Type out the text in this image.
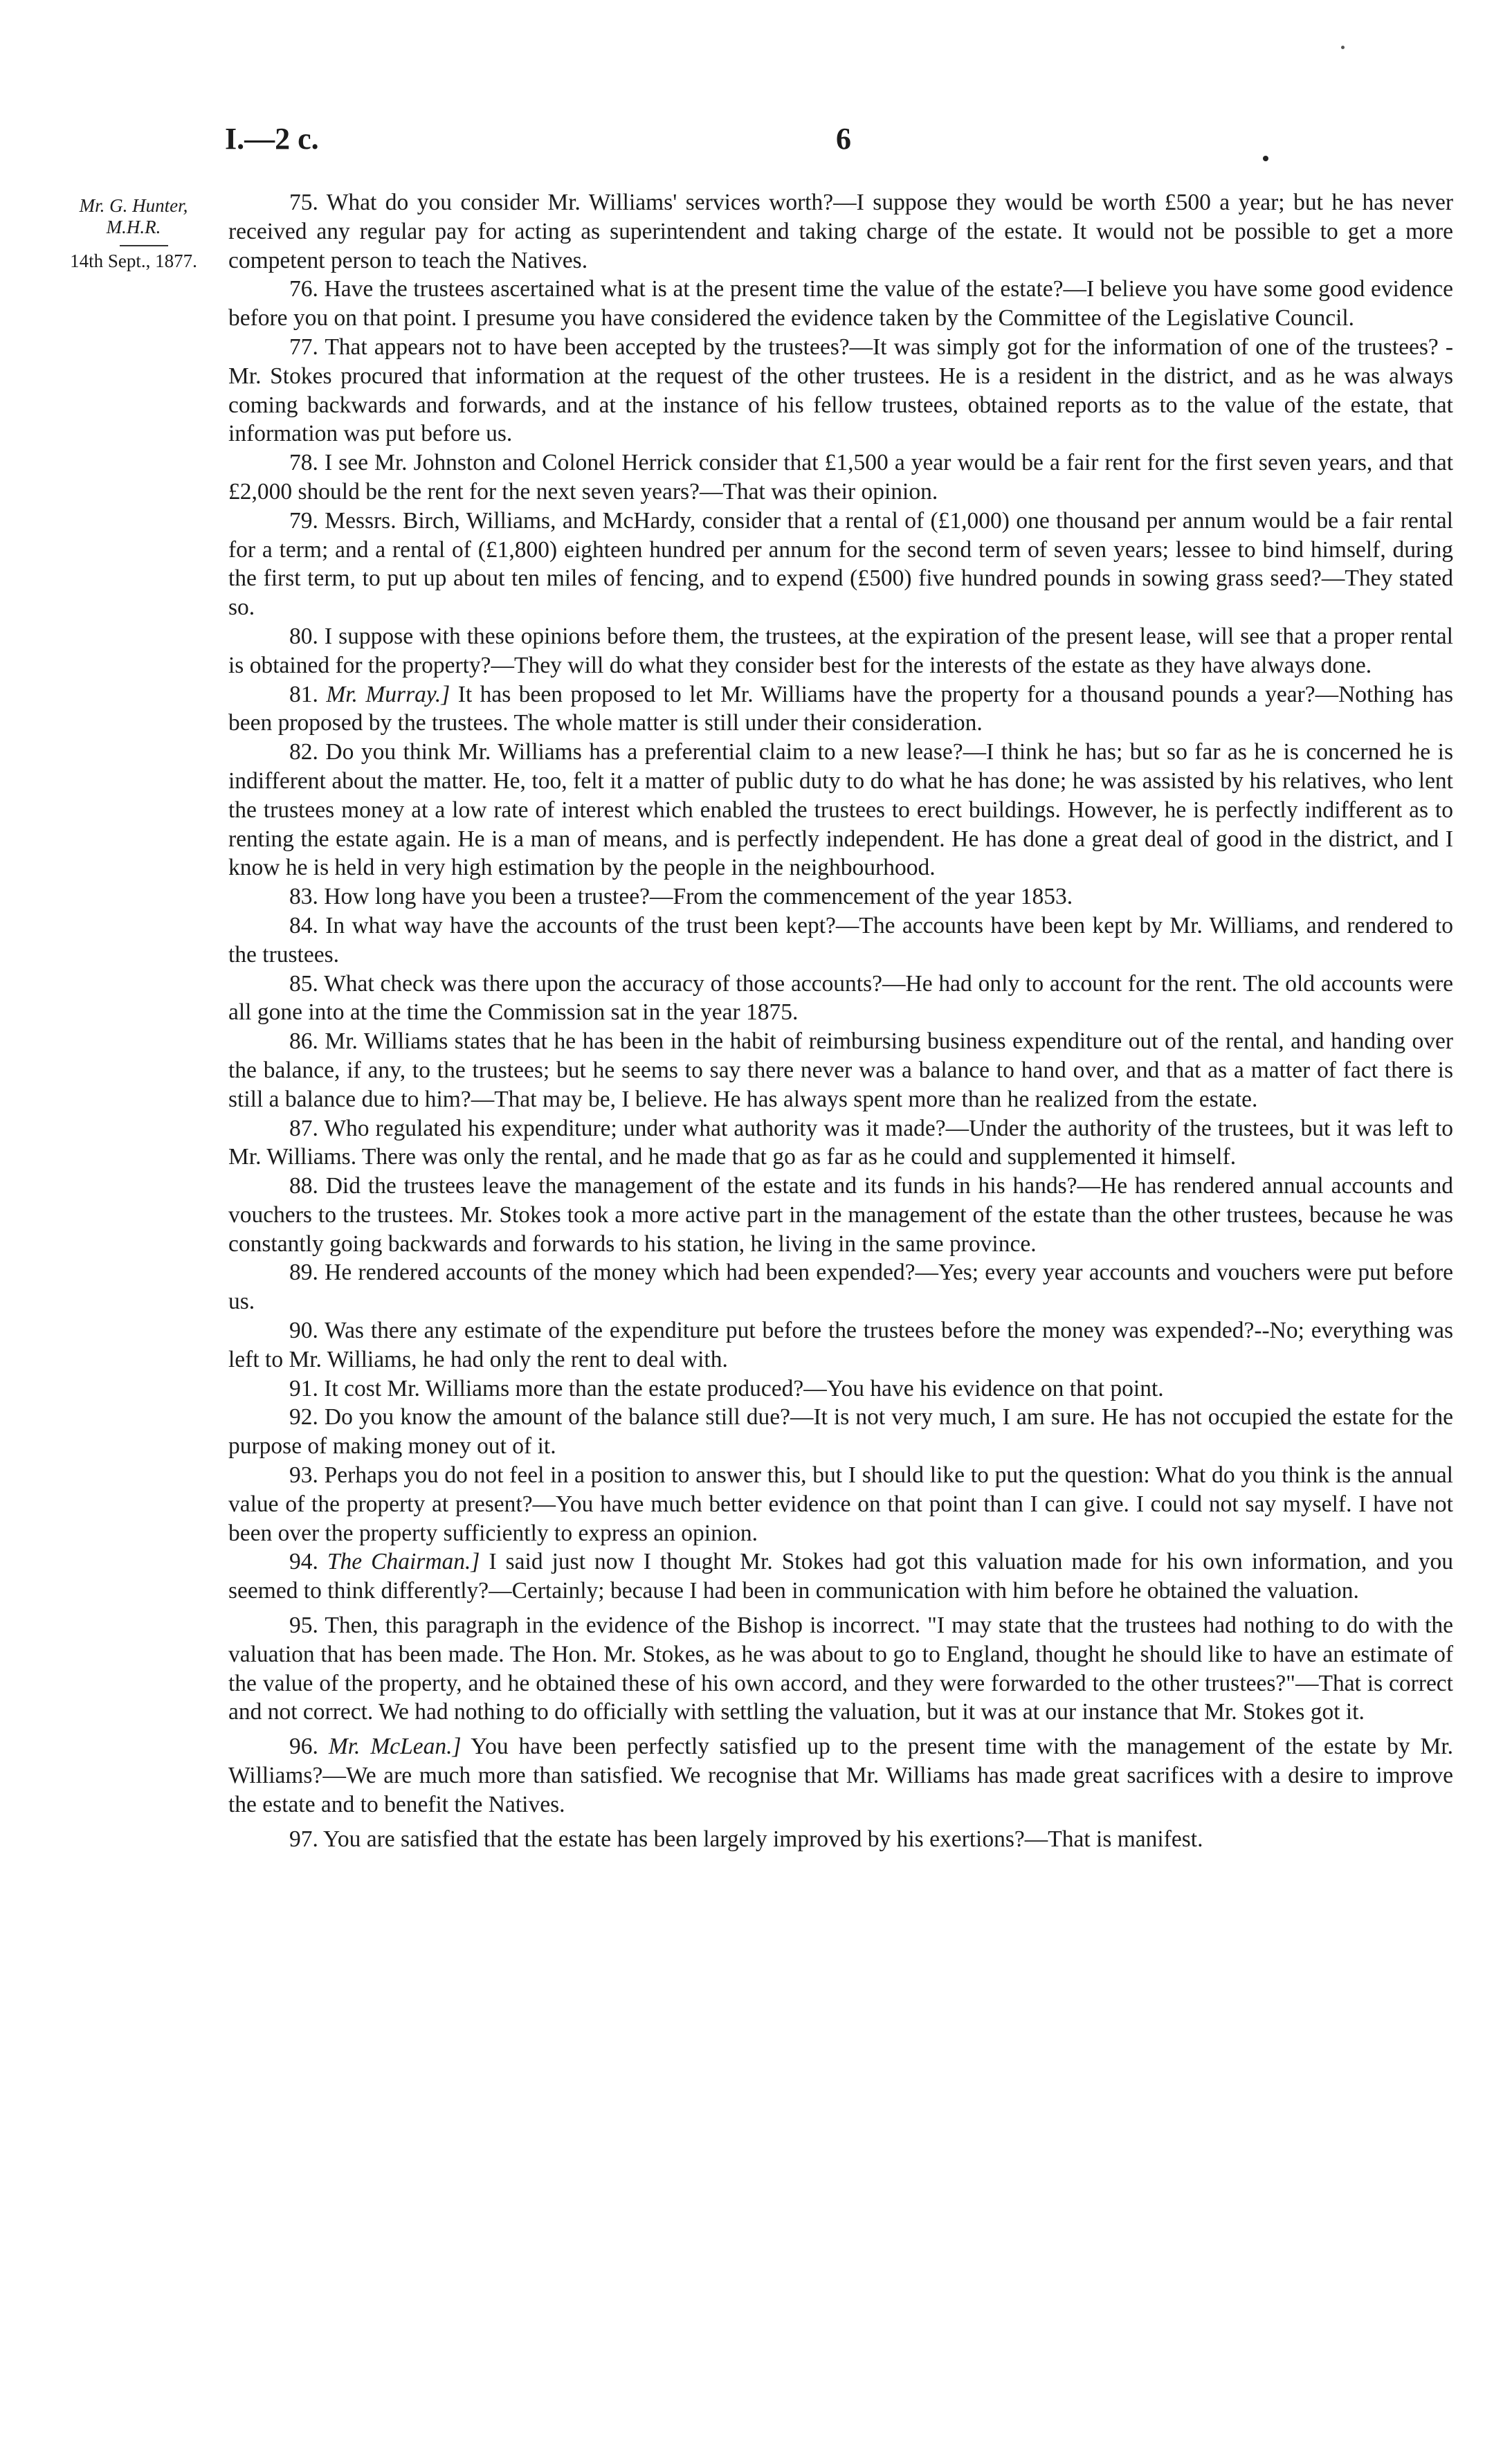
I.—2 c.	6
Mr. G. Hunter,
M.H.R.
14th Sept., 1877.

75. What do you consider Mr. Williams' services worth?—I suppose they would be worth £500 a year; but he has never received any regular pay for acting as superintendent and taking charge of the estate. It would not be possible to get a more competent person to teach the Natives.

76. Have the trustees ascertained what is at the present time the value of the estate?—I believe you have some good evidence before you on that point. I presume you have considered the evidence taken by the Committee of the Legislative Council.

77. That appears not to have been accepted by the trustees?—It was simply got for the information of one of the trustees? - Mr. Stokes procured that information at the request of the other trustees. He is a resident in the district, and as he was always coming backwards and forwards, and at the instance of his fellow trustees, obtained reports as to the value of the estate, that information was put before us.

78. I see Mr. Johnston and Colonel Herrick consider that £1,500 a year would be a fair rent for the first seven years, and that £2,000 should be the rent for the next seven years?—That was their opinion.

79. Messrs. Birch, Williams, and McHardy, consider that a rental of (£1,000) one thousand per annum would be a fair rental for a term; and a rental of (£1,800) eighteen hundred per annum for the second term of seven years; lessee to bind himself, during the first term, to put up about ten miles of fencing, and to expend (£500) five hundred pounds in sowing grass seed?—They stated so.

80. I suppose with these opinions before them, the trustees, at the expiration of the present lease, will see that a proper rental is obtained for the property?—They will do what they consider best for the interests of the estate as they have always done.

81. Mr. Murray.] It has been proposed to let Mr. Williams have the property for a thousand pounds a year?—Nothing has been proposed by the trustees. The whole matter is still under their consideration.

82. Do you think Mr. Williams has a preferential claim to a new lease?—I think he has; but so far as he is concerned he is indifferent about the matter. He, too, felt it a matter of public duty to do what he has done; he was assisted by his relatives, who lent the trustees money at a low rate of interest which enabled the trustees to erect buildings. However, he is perfectly indifferent as to renting the estate again. He is a man of means, and is perfectly independent. He has done a great deal of good in the district, and I know he is held in very high estimation by the people in the neighbourhood.

83. How long have you been a trustee?—From the commencement of the year 1853.

84. In what way have the accounts of the trust been kept?—The accounts have been kept by Mr. Williams, and rendered to the trustees.

85. What check was there upon the accuracy of those accounts?—He had only to account for the rent. The old accounts were all gone into at the time the Commission sat in the year 1875.

86. Mr. Williams states that he has been in the habit of reimbursing business expenditure out of the rental, and handing over the balance, if any, to the trustees; but he seems to say there never was a balance to hand over, and that as a matter of fact there is still a balance due to him?—That may be, I believe. He has always spent more than he realized from the estate.

87. Who regulated his expenditure; under what authority was it made?—Under the authority of the trustees, but it was left to Mr. Williams. There was only the rental, and he made that go as far as he could and supplemented it himself.

88. Did the trustees leave the management of the estate and its funds in his hands?—He has rendered annual accounts and vouchers to the trustees. Mr. Stokes took a more active part in the management of the estate than the other trustees, because he was constantly going backwards and forwards to his station, he living in the same province.

89. He rendered accounts of the money which had been expended?—Yes; every year accounts and vouchers were put before us.

90. Was there any estimate of the expenditure put before the trustees before the money was expended?--No; everything was left to Mr. Williams, he had only the rent to deal with.

91. It cost Mr. Williams more than the estate produced?—You have his evidence on that point.

92. Do you know the amount of the balance still due?—It is not very much, I am sure. He has not occupied the estate for the purpose of making money out of it.

93. Perhaps you do not feel in a position to answer this, but I should like to put the question: What do you think is the annual value of the property at present?—You have much better evidence on that point than I can give. I could not say myself. I have not been over the property sufficiently to express an opinion.

94. The Chairman.] I said just now I thought Mr. Stokes had got this valuation made for his own information, and you seemed to think differently?—Certainly; because I had been in communication with him before he obtained the valuation.

95. Then, this paragraph in the evidence of the Bishop is incorrect. "I may state that the trustees had nothing to do with the valuation that has been made. The Hon. Mr. Stokes, as he was about to go to England, thought he should like to have an estimate of the value of the property, and he obtained these of his own accord, and they were forwarded to the other trustees?"—That is correct and not correct. We had nothing to do officially with settling the valuation, but it was at our instance that Mr. Stokes got it.

96. Mr. McLean.] You have been perfectly satisfied up to the present time with the management of the estate by Mr. Williams?—We are much more than satisfied. We recognise that Mr. Williams has made great sacrifices with a desire to improve the estate and to benefit the Natives.

97. You are satisfied that the estate has been largely improved by his exertions?—That is manifest.
